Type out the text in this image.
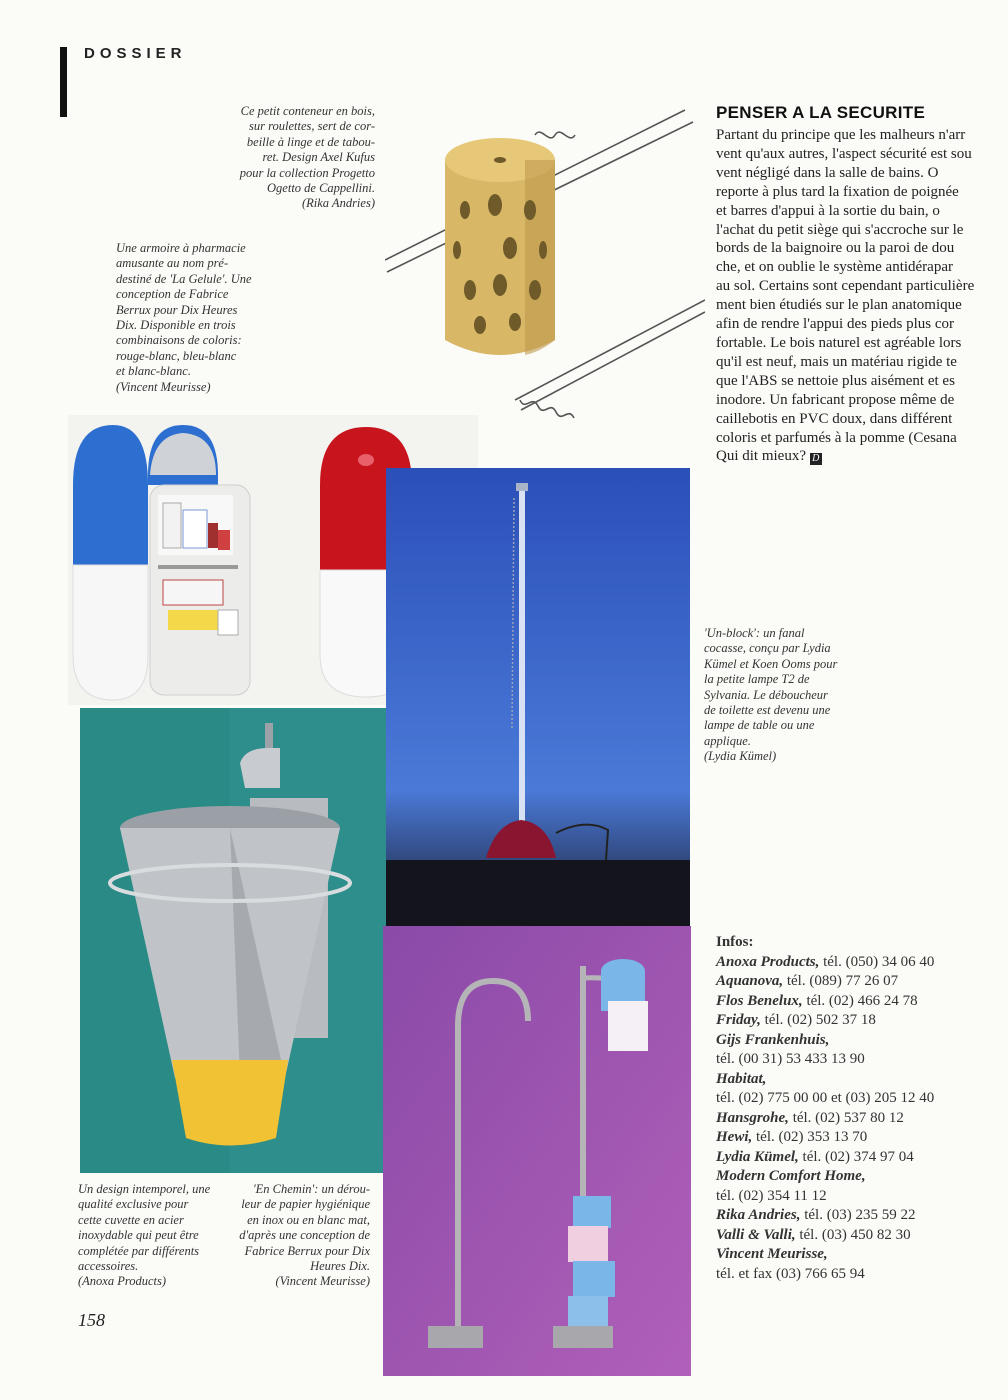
DOSSIER
Ce petit conteneur en bois,
sur roulettes, sert de cor-
beille à linge et de tabou-
ret. Design Axel Kufus
pour la collection Progetto
Ogetto de Cappellini.
(Rika Andries)
Une armoire à pharmacie
amusante au nom pré-
destiné de 'La Gelule'. Une
conception de Fabrice
Berrux pour Dix Heures
Dix. Disponible en trois
combinaisons de coloris:
rouge-blanc, bleu-blanc
et blanc-blanc.
(Vincent Meurisse)
'Un-block': un fanal
cocasse, conçu par Lydia
Kümel et Koen Ooms pour
la petite lampe T2 de
Sylvania. Le déboucheur
de toilette est devenu une
lampe de table ou une
applique.
(Lydia Kümel)
Un design intemporel, une
qualité exclusive pour
cette cuvette en acier
inoxydable qui peut être
complétée par différents
accessoires.
(Anoxa Products)
'En Chemin': un dérou-
leur de papier hygiénique
en inox ou en blanc mat,
d'après une conception de
Fabrice Berrux pour Dix
Heures Dix.
(Vincent Meurisse)
PENSER A LA SECURITE
Partant du principe que les malheurs n'arr
vent qu'aux autres, l'aspect sécurité est sou
vent négligé dans la salle de bains. O
reporte à plus tard la fixation de poignée
et barres d'appui à la sortie du bain, o
l'achat du petit siège qui s'accroche sur le
bords de la baignoire ou la paroi de dou
che, et on oublie le système antidérapar
au sol. Certains sont cependant particulière
ment bien étudiés sur le plan anatomique
afin de rendre l'appui des pieds plus cor
fortable. Le bois naturel est agréable lors
qu'il est neuf, mais un matériau rigide te
que l'ABS se nettoie plus aisément et es
inodore. Un fabricant propose même de
caillebotis en PVC doux, dans différent
coloris et parfumés à la pomme (Cesana
Qui dit mieux? D
Infos:
Anoxa Products, tél. (050) 34 06 40
Aquanova, tél. (089) 77 26 07
Flos Benelux, tél. (02) 466 24 78
Friday, tél. (02) 502 37 18
Gijs Frankenhuis,
tél. (00 31) 53 433 13 90
Habitat,
tél. (02) 775 00 00 et (03) 205 12 40
Hansgrohe, tél. (02) 537 80 12
Hewi, tél. (02) 353 13 70
Lydia Kümel, tél. (02) 374 97 04
Modern Comfort Home,
tél. (02) 354 11 12
Rika Andries, tél. (03) 235 59 22
Valli & Valli, tél. (03) 450 82 30
Vincent Meurisse,
tél. et fax (03) 766 65 94
158
